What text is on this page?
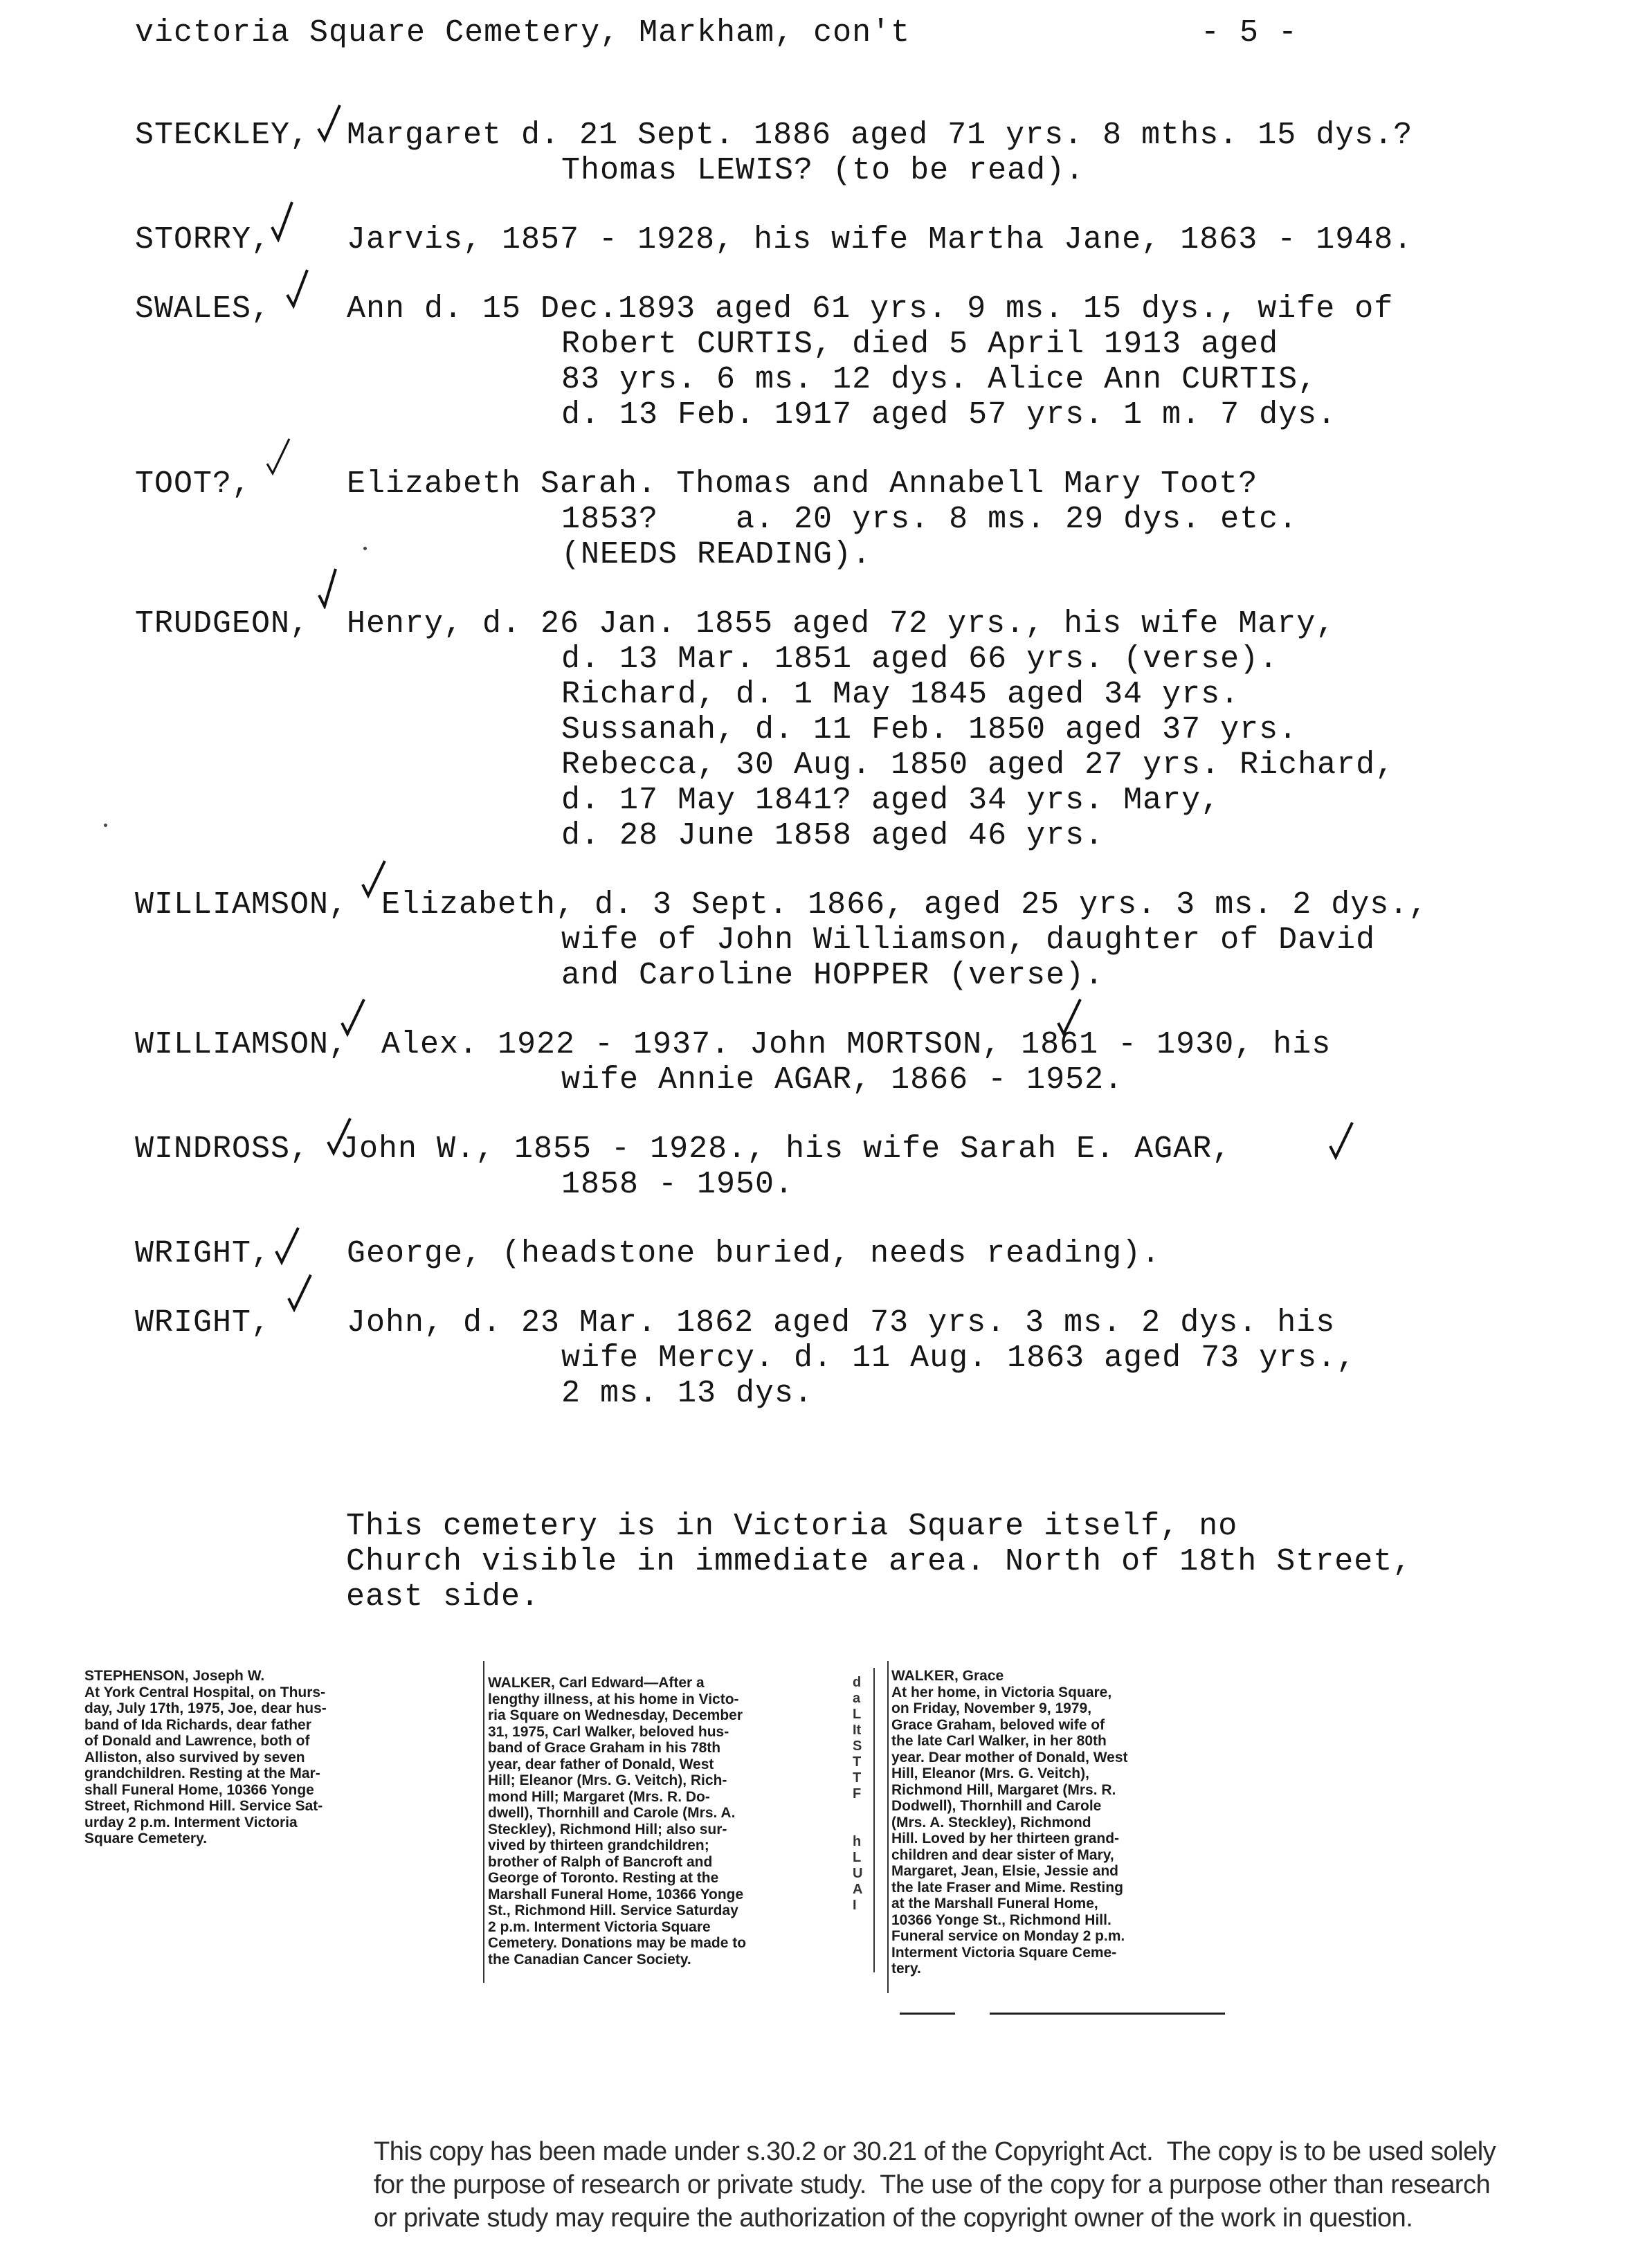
victoria Square Cemetery, Markham, con't	- 5 -
STECKLEY, Margaret d. 21 Sept. 1886 aged 71 yrs. 8 mths. 15 dys.?
Thomas LEWIS? (to be read).
STORRY, Jarvis, 1857 - 1928, his wife Martha Jane, 1863 - 1948.
SWALES, Ann d. 15 Dec.1893 aged 61 yrs. 9 ms. 15 dys., wife of
Robert CURTIS, died 5 April 1913 aged
83 yrs. 6 ms. 12 dys. Alice Ann CURTIS,
d. 13 Feb. 1917 aged 57 yrs. 1 m. 7 dys.
TOOT?,	Elizabeth Sarah. Thomas and Annabell Mary Toot?
1853?    a. 20 yrs. 8 ms. 29 dys. etc.
(NEEDS READING).
TRUDGEON, Henry, d. 26 Jan. 1855 aged 72 yrs., his wife Mary,
d. 13 Mar. 1851 aged 66 yrs. (verse).
Richard, d. 1 May 1845 aged 34 yrs.
Sussanah, d. 11 Feb. 1850 aged 37 yrs.
Rebecca, 30 Aug. 1850 aged 27 yrs. Richard,
d. 17 May 1841? aged 34 yrs. Mary,
d. 28 June 1858 aged 46 yrs.
WILLIAMSON, Elizabeth, d. 3 Sept. 1866, aged 25 yrs. 3 ms. 2 dys.,
wife of John Williamson, daughter of David
and Caroline HOPPER (verse).
WILLIAMSON, Alex. 1922 - 1937. John MORTSON, 1861 - 1930, his
wife Annie AGAR, 1866 - 1952.
WINDROSS, John W., 1855 - 1928., his wife Sarah E. AGAR,
1858 - 1950.
WRIGHT, George, (headstone buried, needs reading).
WRIGHT, John, d. 23 Mar. 1862 aged 73 yrs. 3 ms. 2 dys. his
wife Mercy. d. 11 Aug. 1863 aged 73 yrs.,
2 ms. 13 dys.
This cemetery is in Victoria Square itself, no
Church visible in immediate area. North of 18th Street,
east side.
STEPHENSON, Joseph W.
At York Central Hospital, on Thurs-
day, July 17th, 1975, Joe, dear hus-
band of Ida Richards, dear father
of Donald and Lawrence, both of
Alliston, also survived by seven
grandchildren. Resting at the Mar-
shall Funeral Home, 10366 Yonge
Street, Richmond Hill. Service Sat-
urday 2 p.m. Interment Victoria
Square Cemetery.
WALKER, Carl Edward—After a
lengthy illness, at his home in Victo-
ria Square on Wednesday, December
31, 1975, Carl Walker, beloved hus-
band of Grace Graham in his 78th
year, dear father of Donald, West
Hill; Eleanor (Mrs. G. Veitch), Rich-
mond Hill; Margaret (Mrs. R. Do-
dwell), Thornhill and Carole (Mrs. A.
Steckley), Richmond Hill; also sur-
vived by thirteen grandchildren;
brother of Ralph of Bancroft and
George of Toronto. Resting at the
Marshall Funeral Home, 10366 Yonge
St., Richmond Hill. Service Saturday
2 p.m. Interment Victoria Square
Cemetery. Donations may be made to
the Canadian Cancer Society.
d
a
L
It
S
T
T
F

h
L
U
A
I
WALKER, Grace
At her home, in Victoria Square,
on Friday, November 9, 1979,
Grace Graham, beloved wife of
the late Carl Walker, in her 80th
year. Dear mother of Donald, West
Hill, Eleanor (Mrs. G. Veitch),
Richmond Hill, Margaret (Mrs. R.
Dodwell), Thornhill and Carole
(Mrs. A. Steckley), Richmond
Hill. Loved by her thirteen grand-
children and dear sister of Mary,
Margaret, Jean, Elsie, Jessie and
the late Fraser and Mime. Resting
at the Marshall Funeral Home,
10366 Yonge St., Richmond Hill.
Funeral service on Monday 2 p.m.
Interment Victoria Square Ceme-
tery.
This copy has been made under s.30.2 or 30.21 of the Copyright Act.  The copy is to be used solely
for the purpose of research or private study.  The use of the copy for a purpose other than research
or private study may require the authorization of the copyright owner of the work in question.
